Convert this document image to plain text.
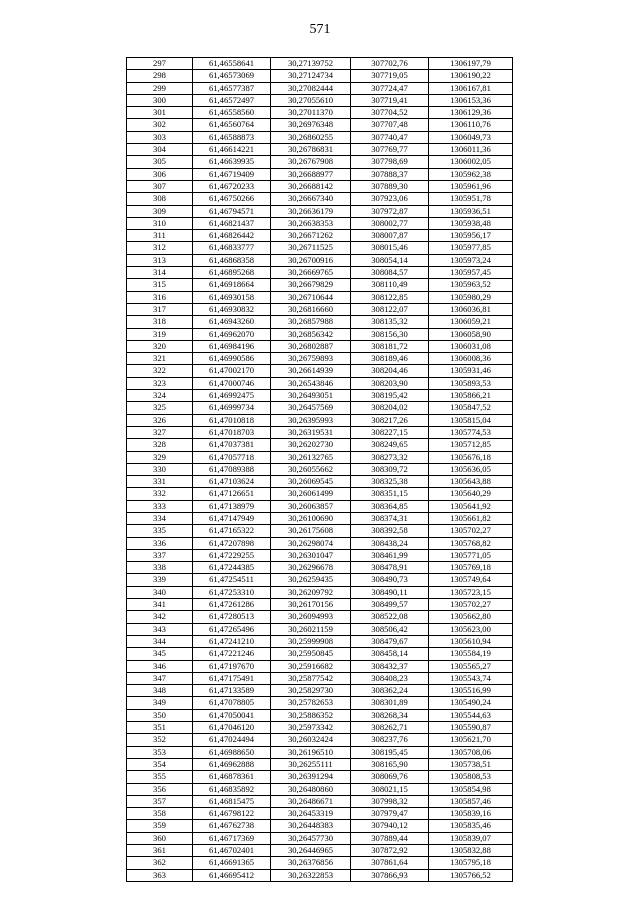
571
297	61,46558641	30,27139752	307702,76	1306197,79
298	61,46573069	30,27124734	307719,05	1306190,22
299	61,46577387	30,27082444	307724,47	1306167,81
300	61,46572497	30,27055610	307719,41	1306153,36
301	61,46558560	30,27011370	307704,52	1306129,36
302	61,46560764	30,26976348	307707,48	1306110,76
303	61,46588873	30,26860255	307740,47	1306049,73
304	61,46614221	30,26786831	307769,77	1306011,36
305	61,46639935	30,26767908	307798,69	1306002,05
306	61,46719409	30,26688977	307888,37	1305962,38
307	61,46720233	30,26688142	307889,30	1305961,96
308	61,46750266	30,26667340	307923,06	1305951,78
309	61,46794571	30,26636179	307972,87	1305936,51
310	61,46821437	30,26638353	308002,77	1305938,48
311	61,46826442	30,26671262	308007,87	1305956,17
312	61,46833777	30,26711525	308015,46	1305977,85
313	61,46868358	30,26700916	308054,14	1305973,24
314	61,46895268	30,26669765	308084,57	1305957,45
315	61,46918664	30,26679829	308110,49	1305963,52
316	61,46930158	30,26710644	308122,85	1305980,29
317	61,46930832	30,26816660	308122,07	1306036,81
318	61,46943260	30,26857988	308135,32	1306059,21
319	61,46962070	30,26856342	308156,30	1306058,90
320	61,46984196	30,26802887	308181,72	1306031,08
321	61,46990586	30,26759893	308189,46	1306008,36
322	61,47002170	30,26614939	308204,46	1305931,46
323	61,47000746	30,26543846	308203,90	1305893,53
324	61,46992475	30,26493051	308195,42	1305866,21
325	61,46999734	30,26457569	308204,02	1305847,52
326	61,47010818	30,26395993	308217,26	1305815,04
327	61,47018703	30,26319531	308227,15	1305774,53
328	61,47037381	30,26202730	308249,65	1305712,85
329	61,47057718	30,26132765	308273,32	1305676,18
330	61,47089388	30,26055662	308309,72	1305636,05
331	61,47103624	30,26069545	308325,38	1305643,88
332	61,47126651	30,26061499	308351,15	1305640,29
333	61,47138979	30,26063857	308364,85	1305641,92
334	61,47147949	30,26100690	308374,31	1305661,82
335	61,47165322	30,26175608	308392,58	1305702,27
336	61,47207898	30,26298074	308438,24	1305768,82
337	61,47229255	30,26301047	308461,99	1305771,05
338	61,47244385	30,26296678	308478,91	1305769,18
339	61,47254511	30,26259435	308490,73	1305749,64
340	61,47253310	30,26209792	308490,11	1305723,15
341	61,47261286	30,26170156	308499,57	1305702,27
342	61,47280513	30,26094993	308522,08	1305662,80
343	61,47265496	30,26021159	308506,42	1305623,00
344	61,47241210	30,25999908	308479,67	1305610,94
345	61,47221246	30,25950845	308458,14	1305584,19
346	61,47197670	30,25916682	308432,37	1305565,27
347	61,47175491	30,25877542	308408,23	1305543,74
348	61,47133589	30,25829730	308362,24	1305516,99
349	61,47078805	30,25782653	308301,89	1305490,24
350	61,47050041	30,25886352	308268,34	1305544,63
351	61,47046120	30,25973342	308262,71	1305590,87
352	61,47024494	30,26032424	308237,76	1305621,70
353	61,46988650	30,26196510	308195,45	1305708,06
354	61,46962888	30,26255111	308165,90	1305738,51
355	61,46878361	30,26391294	308069,76	1305808,53
356	61,46835892	30,26480860	308021,15	1305854,98
357	61,46815475	30,26486671	307998,32	1305857,46
358	61,46798122	30,26453319	307979,47	1305839,16
359	61,46762738	30,26448383	307940,12	1305835,46
360	61,46717369	30,26457730	307889,44	1305839,07
361	61,46702401	30,26446965	307872,92	1305832,88
362	61,46691365	30,26376856	307861,64	1305795,18
363	61,46695412	30,26322853	307866,93	1305766,52
